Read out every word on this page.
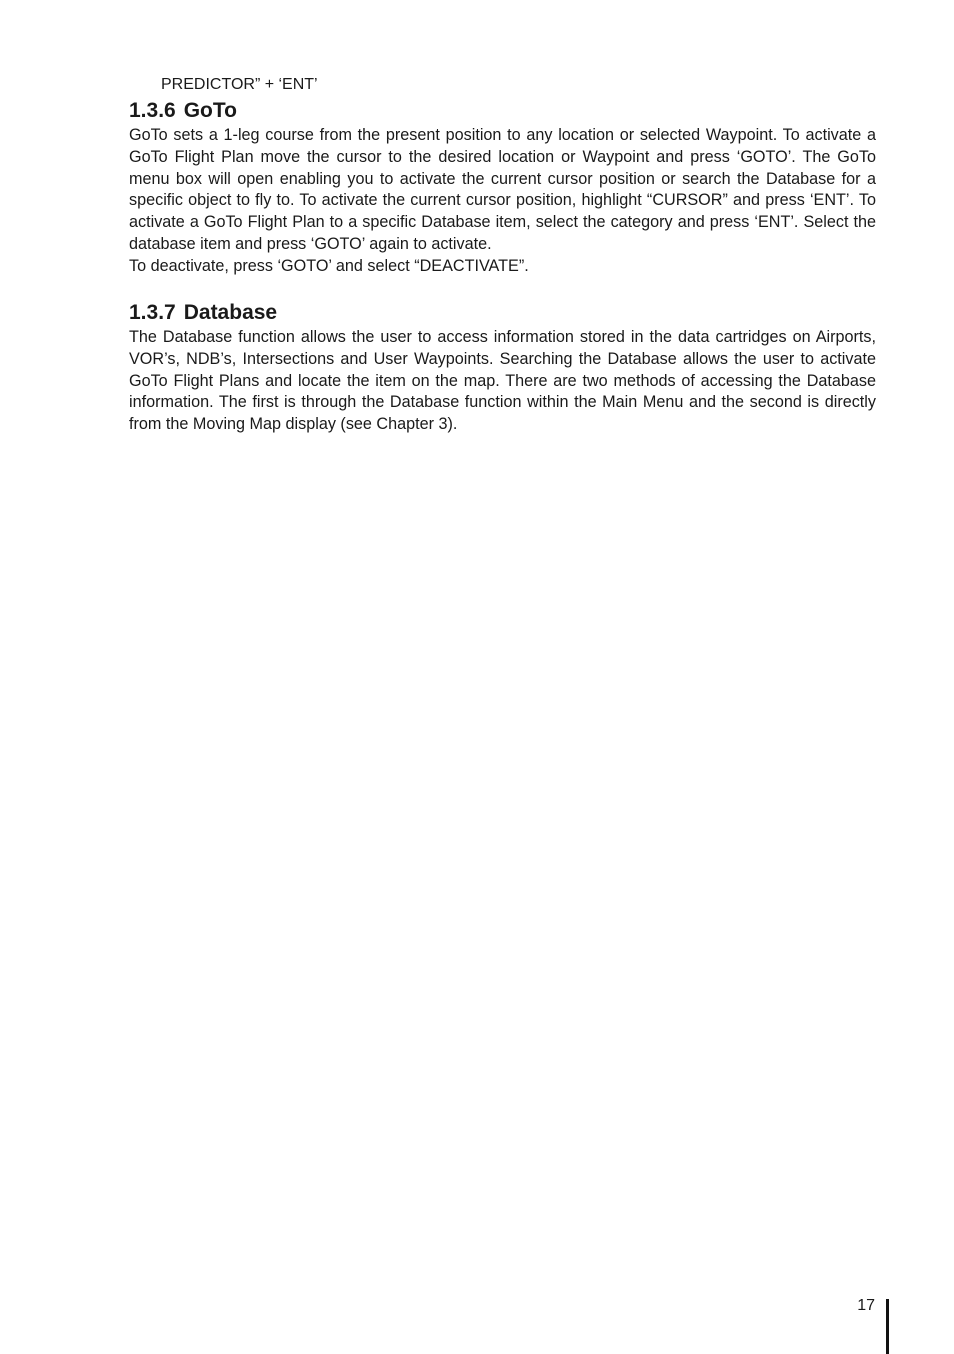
PREDICTOR” + ‘ENT’
1.3.6 GoTo

GoTo sets a 1-leg course from the present position to any location or selected Waypoint. To activate a GoTo Flight Plan move the cursor to the desired location or Waypoint and press ‘GOTO’. The GoTo menu box will open enabling you to activate the current cursor position or search the Database for a specific object to fly to. To activate the current cursor position, highlight “CURSOR” and press ‘ENT’. To activate a GoTo Flight Plan to a specific Database item, select the category and press ‘ENT’. Select the database item and press ‘GOTO’ again to activate.

To deactivate, press ‘GOTO’ and select “DEACTIVATE”.

1.3.7 Database

The Database function allows the user to access information stored in the data cartridges on Airports, VOR’s, NDB’s, Intersections and User Waypoints. Searching the Database allows the user to activate GoTo Flight Plans and locate the item on the map. There are two methods of accessing the Database information. The first is through the Database function within the Main Menu and the second is directly from the Moving Map display (see Chapter 3).

17
